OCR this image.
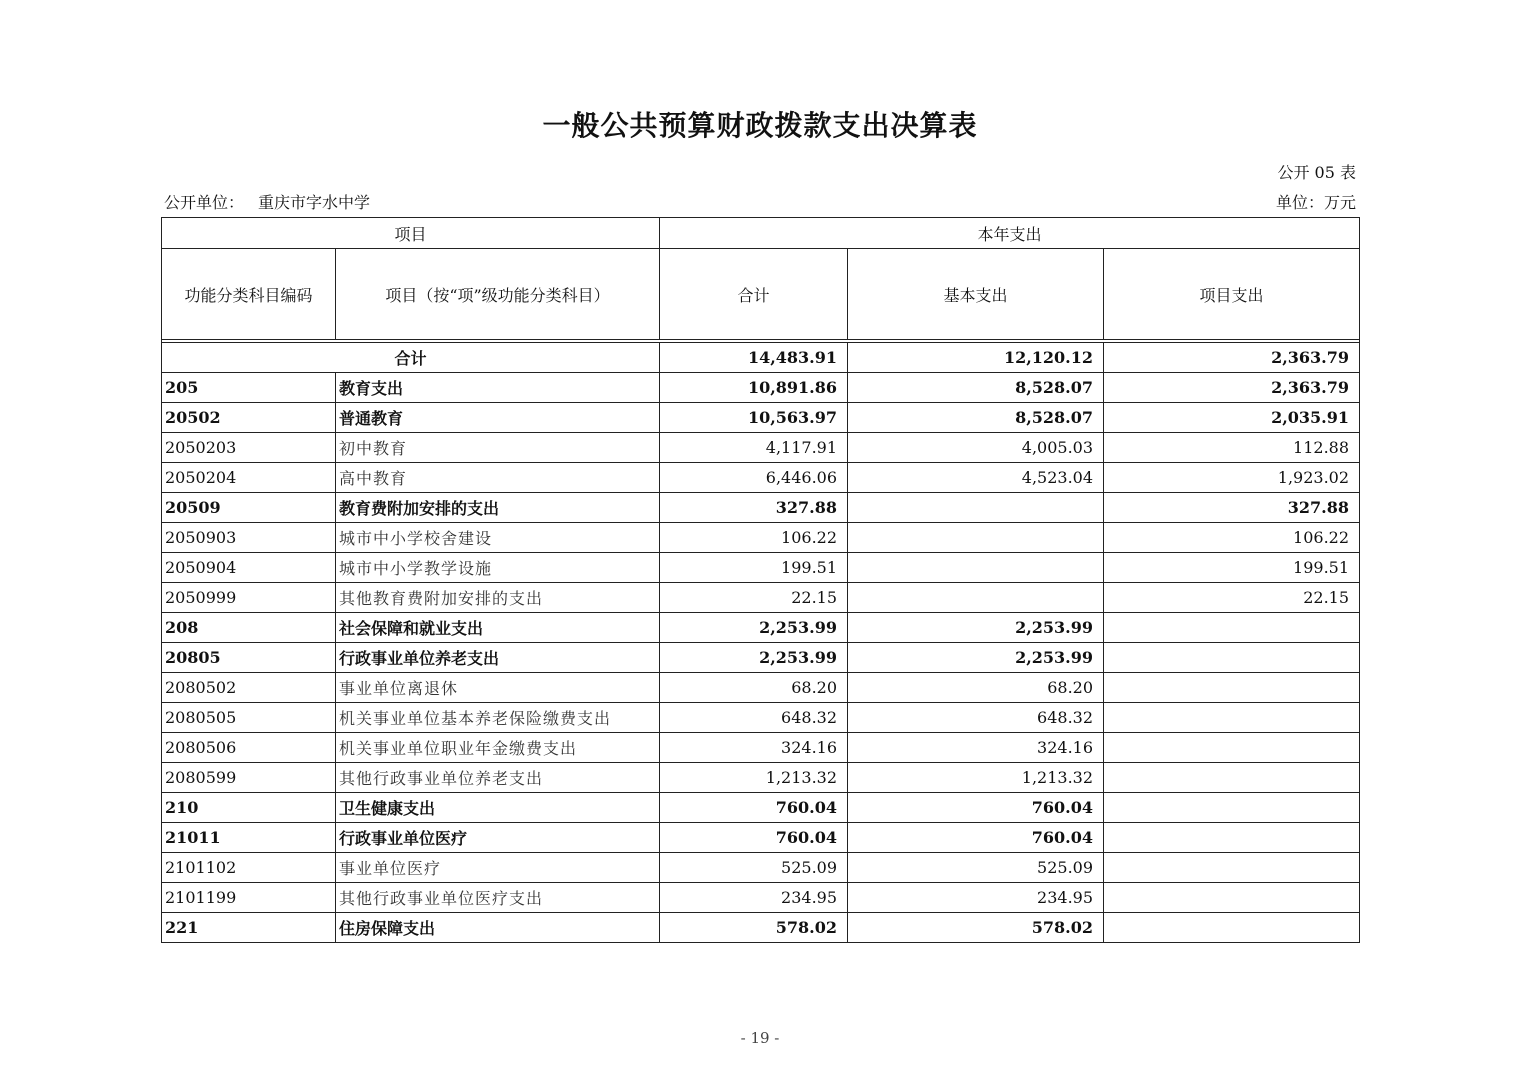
一般公共预算财政拨款支出决算表
公开 05 表
公开单位： 重庆市字水中学	单位：万元
项目		本年支出		
功能分类科目编码	项目（按“项”级功能分类科目）	合计	基本支出	项目支出

合计		14,483.91	12,120.12	2,363.79
205	教育支出	10,891.86	8,528.07	2,363.79
20502	普通教育	10,563.97	8,528.07	2,035.91
2050203	初中教育	4,117.91	4,005.03	112.88
2050204	高中教育	6,446.06	4,523.04	1,923.02
20509	教育费附加安排的支出	327.88		327.88
2050903	城市中小学校舍建设	106.22		106.22
2050904	城市中小学教学设施	199.51		199.51
2050999	其他教育费附加安排的支出	22.15		22.15
208	社会保障和就业支出	2,253.99	2,253.99	
20805	行政事业单位养老支出	2,253.99	2,253.99	
2080502	事业单位离退休	68.20	68.20	
2080505	机关事业单位基本养老保险缴费支出	648.32	648.32	
2080506	机关事业单位职业年金缴费支出	324.16	324.16	
2080599	其他行政事业单位养老支出	1,213.32	1,213.32	
210	卫生健康支出	760.04	760.04	
21011	行政事业单位医疗	760.04	760.04	
2101102	事业单位医疗	525.09	525.09	
2101199	其他行政事业单位医疗支出	234.95	234.95	
221	住房保障支出	578.02	578.02	
- 19 -
